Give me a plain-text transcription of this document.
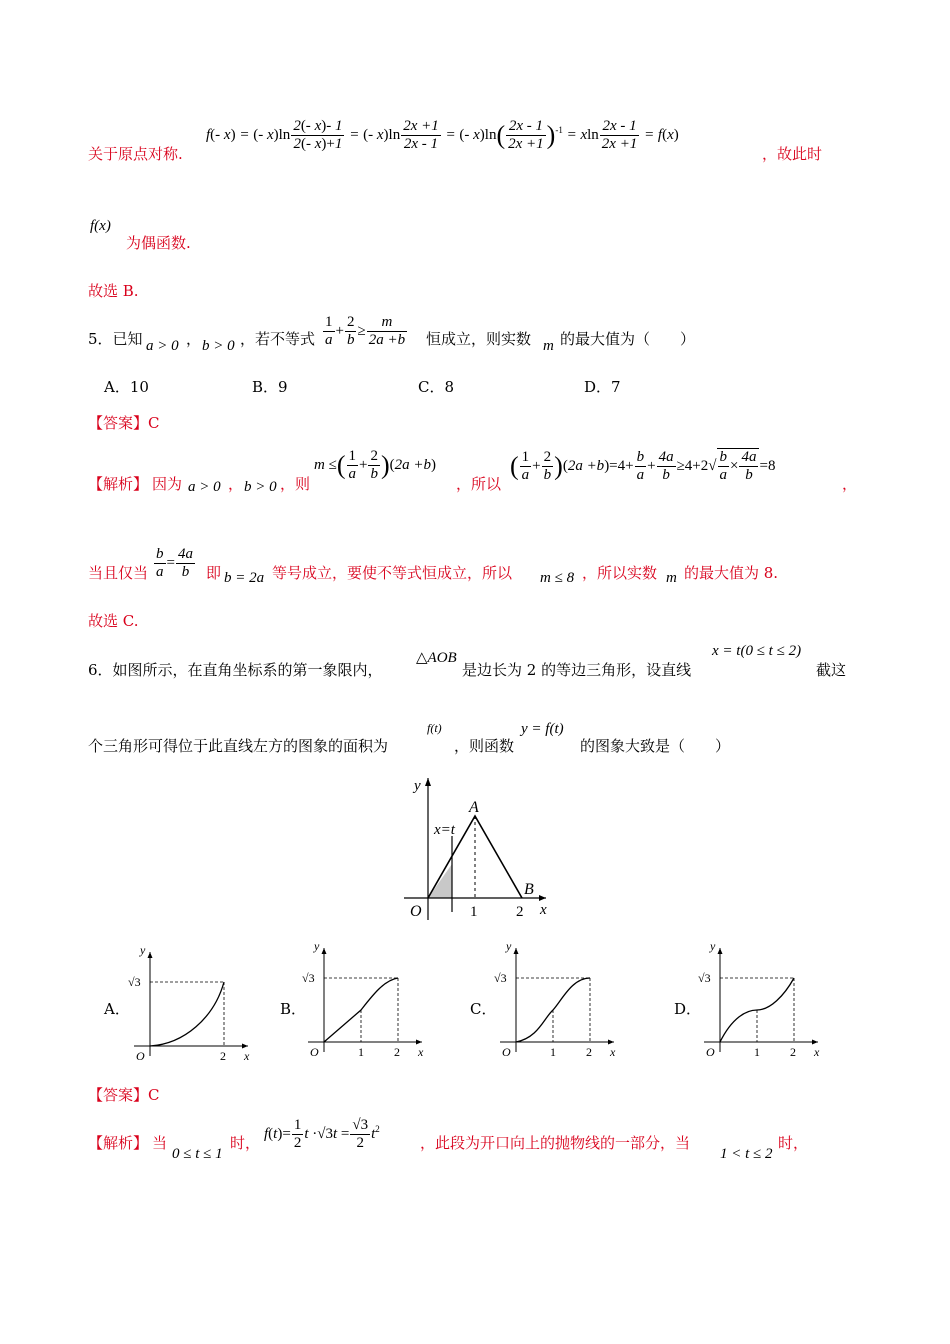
关于原点对称.
f(- x) = (- $x)\ln \frac{2(- x)- 1}{2(- x)+1}$ = (- $x)\ln \frac{2x +1}{2x - 1}$ = (- $x)\ln( \frac{2x - 1}{2x +1} )^{-1} = xln \frac{2x - 1}{2x +1} = f(x)$
，故此时
f(x)
为偶函数.
故选 B.
5．已知 a > 0 ， b > 0 ，若不等式 $\frac{1}{a} + \frac{2}{b} \ge \frac{m}{2a +b}$ 恒成立，则实数 m 的最大值为（　　）
A．10	B．9	C．8	D．7
【答案】C
【解析】 因为 a > 0 ， b > 0 ，则
m ≤( $\frac{1}{a} + \frac{2}{b} )(2a +b)$
，所以
( $\frac{1}{a} + \frac{2}{b} )(2a +b)=4+ \frac{b}{a} + \frac{4a}{b} \ge 4+2√ \frac{b}{a} \times \frac{4a}{b} =8$
，
当且仅当 $\frac{b}{a} = \frac{4a}{b}$ 即 b = 2a 等号成立，要使不等式恒成立，所以 m ≤ 8 ，所以实数 m 的最大值为 8.
故选 C.
6．如图所示，在直角坐标系的第一象限内，
△AOB
是边长为 2 的等边三角形，设直线
x = t(0 ≤ t ≤ 2)
截这
个三角形可得位于此直线左方的图象的面积为
f(t)
，则函数
y = f(t)
的图象大致是（　　）
y
x
O
A
B
x=t
1	2
A．	B．	C．	D．
y
x
O
√3
2	1
y
x
O
√3
2	1
y
x
O
√3
2	1
y
x
O
√3
2
【答案】C
【解析】 当
0 ≤ t ≤ 1
时，
$f(t)= \frac{1}{2}$ $t \cdot√3t = \frac{√3}{2} t^2$
，此段为开口向上的抛物线的一部分，当
1 < t ≤ 2
时，
